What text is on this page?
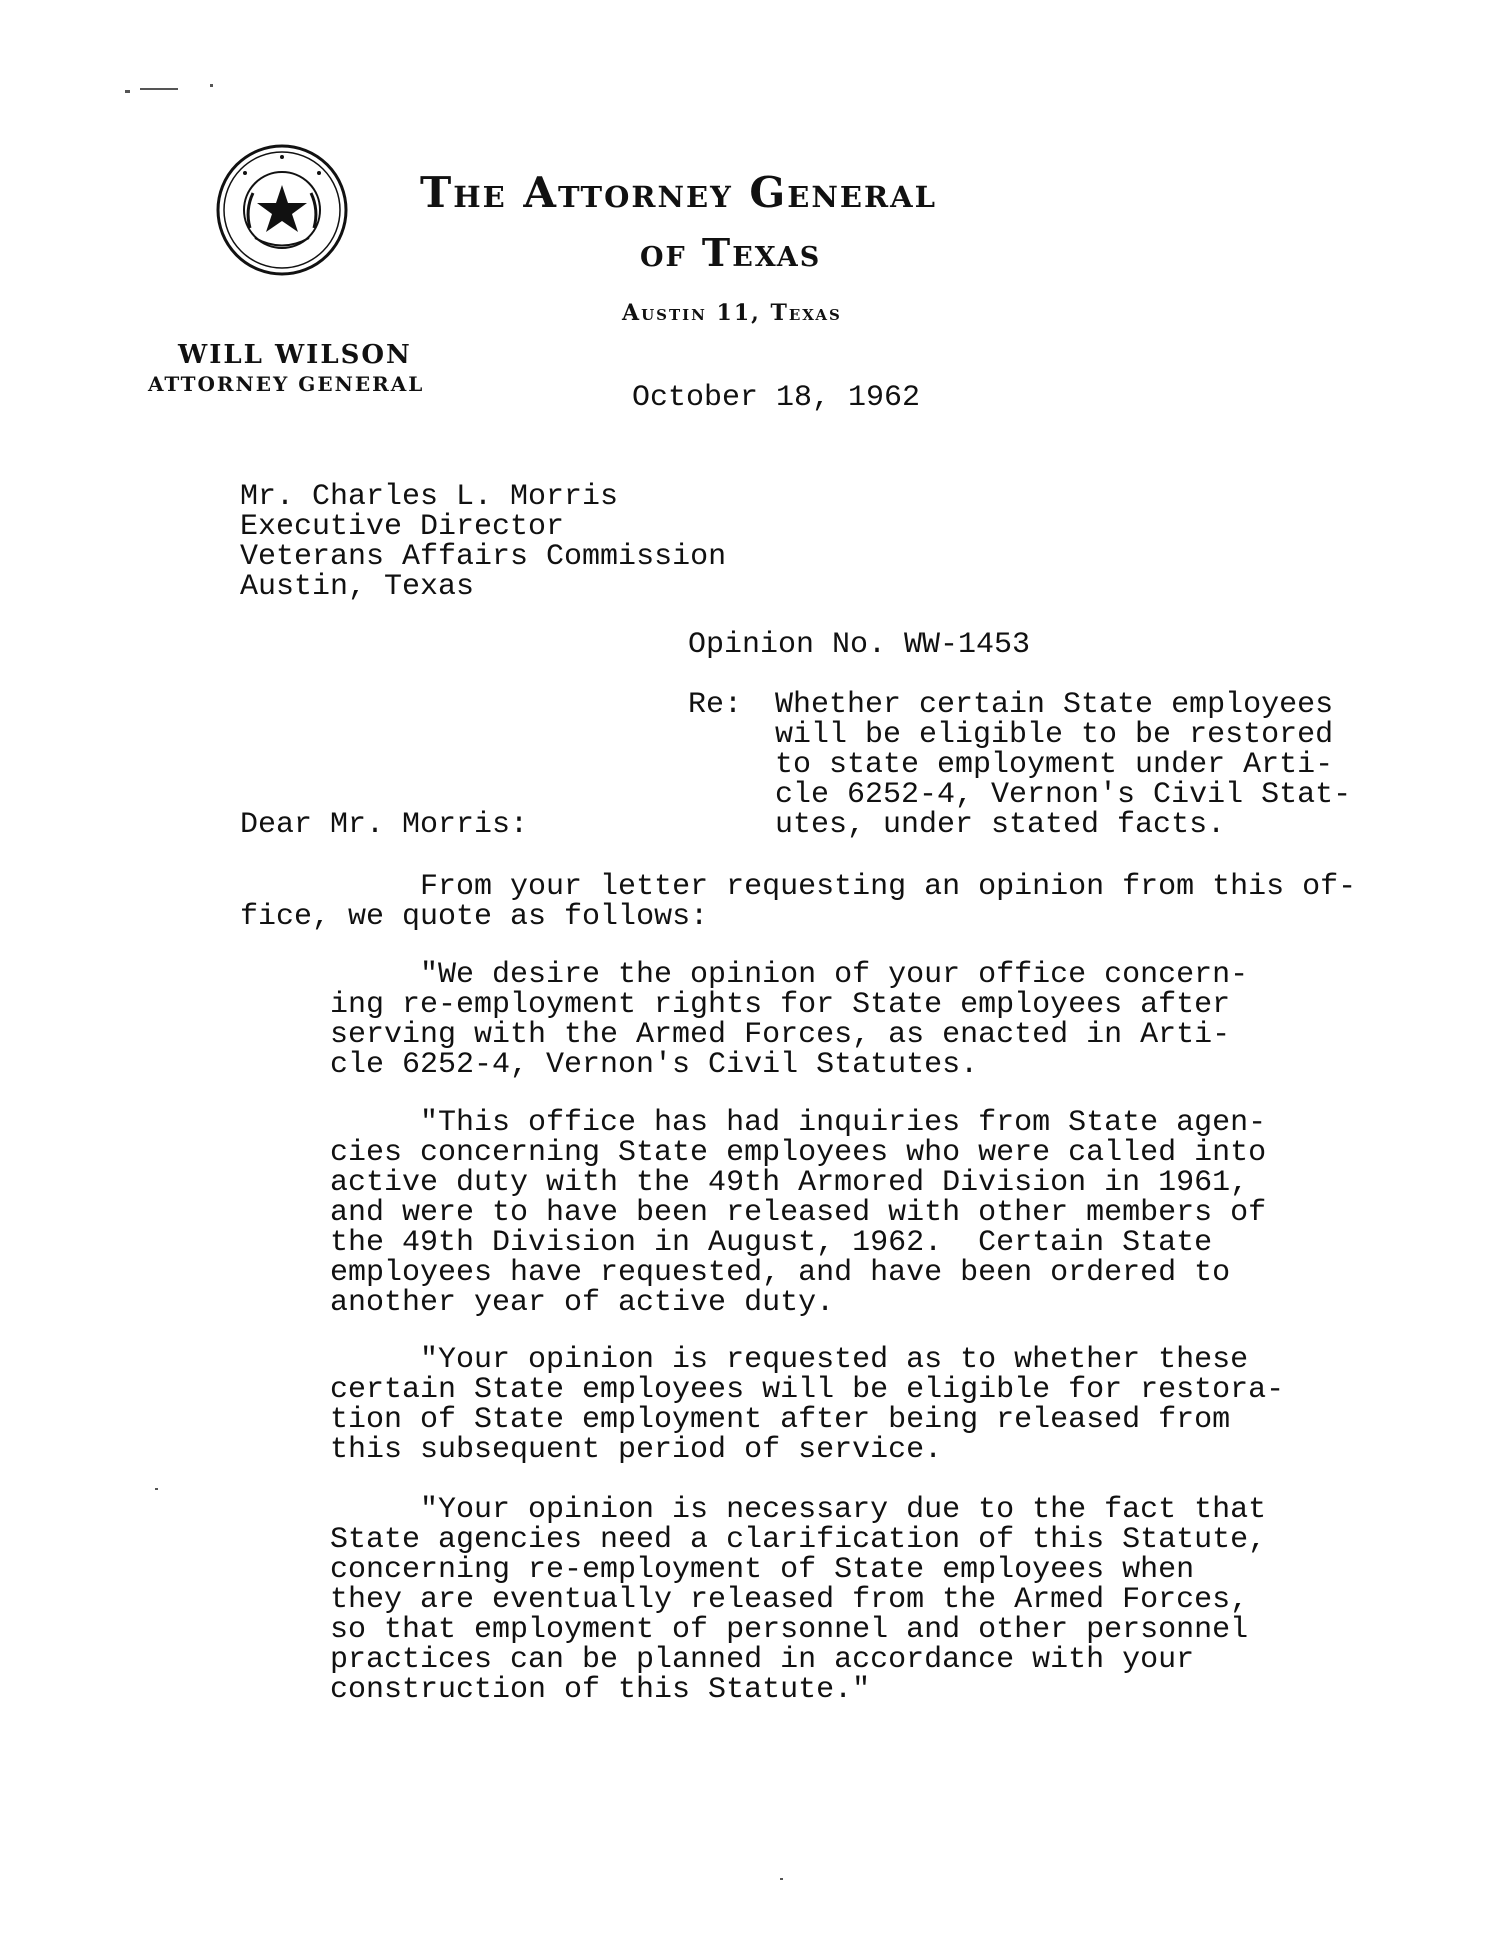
The Attorney General
of Texas
Austin 11, Texas
WILL WILSON
ATTORNEY GENERAL	October 18, 1962
Mr. Charles L. Morris
Executive Director
Veterans Affairs Commission
Austin, Texas
Opinion No. WW-1453
Re: Whether certain State employees
will be eligible to be restored
to state employment under Arti-
cle 6252-4, Vernon's Civil Stat-
utes, under stated facts.
Dear Mr. Morris:
From your letter requesting an opinion from this of-
fice, we quote as follows:
"We desire the opinion of your office concern-
ing re-employment rights for State employees after
serving with the Armed Forces, as enacted in Arti-
cle 6252-4, Vernon's Civil Statutes.
"This office has had inquiries from State agen-
cies concerning State employees who were called into
active duty with the 49th Armored Division in 1961,
and were to have been released with other members of
the 49th Division in August, 1962.  Certain State
employees have requested, and have been ordered to
another year of active duty.
"Your opinion is requested as to whether these
certain State employees will be eligible for restora-
tion of State employment after being released from
this subsequent period of service.
"Your opinion is necessary due to the fact that
State agencies need a clarification of this Statute,
concerning re-employment of State employees when
they are eventually released from the Armed Forces,
so that employment of personnel and other personnel
practices can be planned in accordance with your
construction of this Statute."
